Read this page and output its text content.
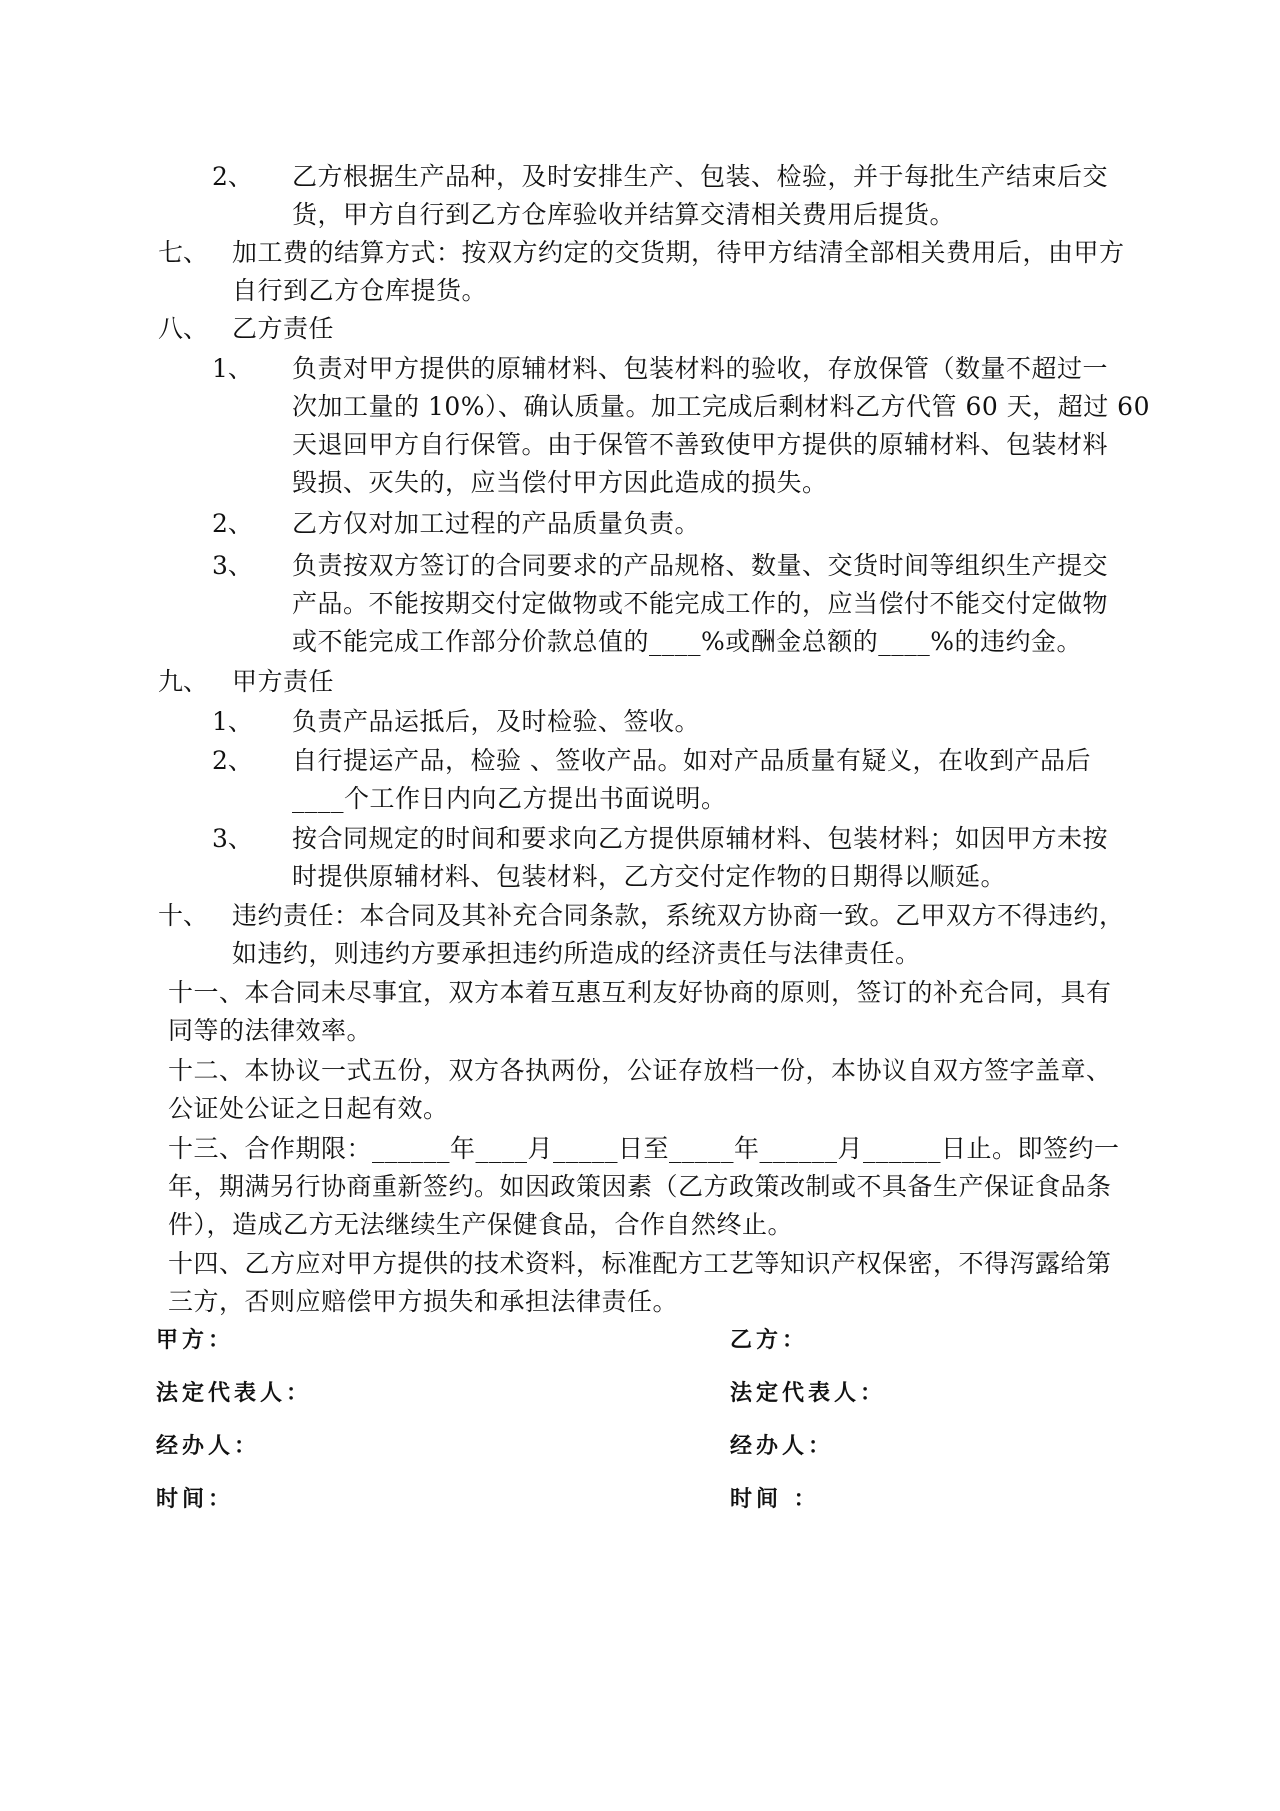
2、 乙方根据生产品种，及时安排生产、包装、检验，并于每批生产结束后交
货，甲方自行到乙方仓库验收并结算交清相关费用后提货。
七、 加工费的结算方式：按双方约定的交货期，待甲方结清全部相关费用后，由甲方
自行到乙方仓库提货。
八、 乙方责任
1、 负责对甲方提供的原辅材料、包装材料的验收，存放保管（数量不超过一
次加工量的 10%）、确认质量。加工完成后剩材料乙方代管 60 天，超过 60
天退回甲方自行保管。由于保管不善致使甲方提供的原辅材料、包装材料
毁损、灭失的，应当偿付甲方因此造成的损失。
2、 乙方仅对加工过程的产品质量负责。
3、 负责按双方签订的合同要求的产品规格、数量、交货时间等组织生产提交
产品。不能按期交付定做物或不能完成工作的，应当偿付不能交付定做物
或不能完成工作部分价款总值的____%或酬金总额的____%的违约金。
九、 甲方责任
1、 负责产品运抵后，及时检验、签收。
2、 自行提运产品，检验 、签收产品。如对产品质量有疑义，在收到产品后
____个工作日内向乙方提出书面说明。
3、 按合同规定的时间和要求向乙方提供原辅材料、包装材料；如因甲方未按
时提供原辅材料、包装材料，乙方交付定作物的日期得以顺延。
十、 违约责任：本合同及其补充合同条款，系统双方协商一致。乙甲双方不得违约，
如违约，则违约方要承担违约所造成的经济责任与法律责任。
十一、本合同未尽事宜，双方本着互惠互利友好协商的原则，签订的补充合同，具有
同等的法律效率。
十二、本协议一式五份，双方各执两份，公证存放档一份，本协议自双方签字盖章、
公证处公证之日起有效。
十三、合作期限：______年____月_____日至_____年______月______日止。即签约一
年，期满另行协商重新签约。如因政策因素（乙方政策改制或不具备生产保证食品条
件），造成乙方无法继续生产保健食品，合作自然终止。
十四、乙方应对甲方提供的技术资料，标准配方工艺等知识产权保密，不得泻露给第
三方，否则应赔偿甲方损失和承担法律责任。
甲方：
法定代表人：
经办人：
时间：
乙方：
法定代表人：
经办人：
时间 ：
